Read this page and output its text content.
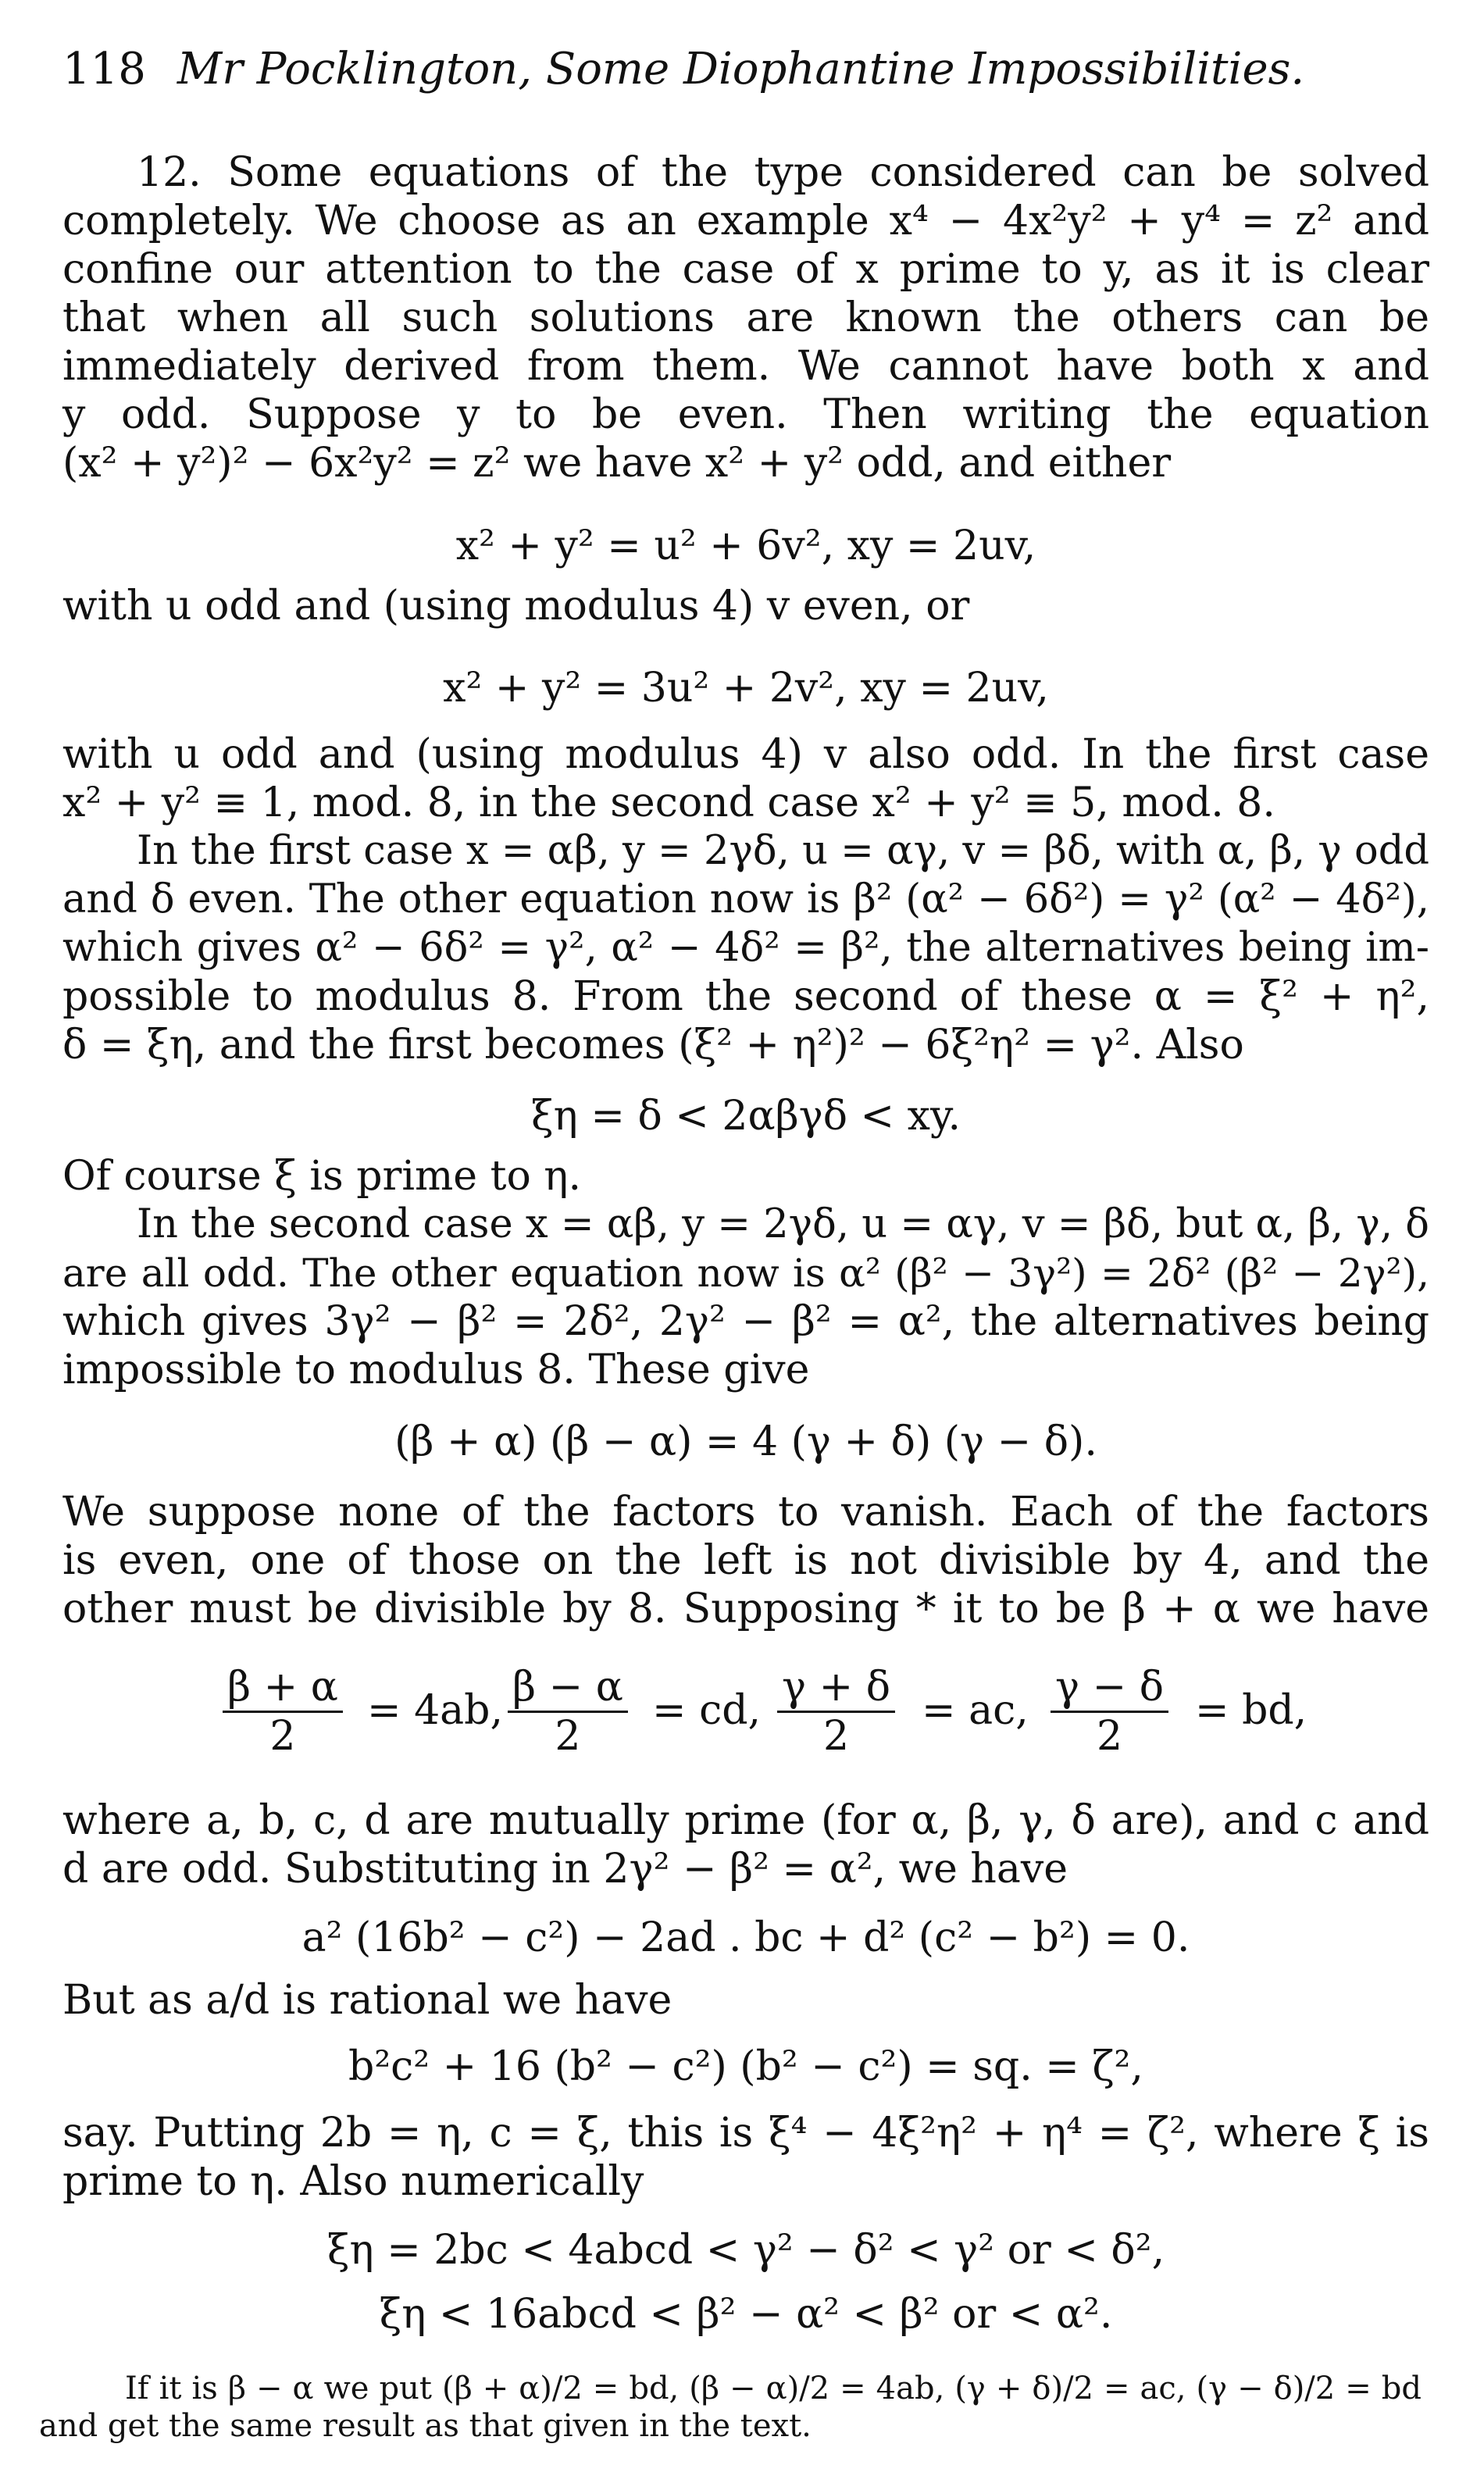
118 Mr Pocklington, Some Diophantine Impossibilities.
12. Some equations of the type considered can be solved
completely. We choose as an example x⁴ − 4x²y² + y⁴ = z² and
confine our attention to the case of x prime to y, as it is clear
that when all such solutions are known the others can be
immediately derived from them. We cannot have both x and
y odd. Suppose y to be even. Then writing the equation
(x² + y²)² − 6x²y² = z² we have x² + y² odd, and either
x² + y² = u² + 6v², xy = 2uv,
with u odd and (using modulus 4) v even, or
x² + y² = 3u² + 2v², xy = 2uv,
with u odd and (using modulus 4) v also odd. In the first case
x² + y² ≡ 1, mod. 8, in the second case x² + y² ≡ 5, mod. 8.
In the first case x = αβ, y = 2γδ, u = αγ, v = βδ, with α, β, γ odd
and δ even. The other equation now is β² (α² − 6δ²) = γ² (α² − 4δ²),
which gives α² − 6δ² = γ², α² − 4δ² = β², the alternatives being im-
possible to modulus 8. From the second of these α = ξ² + η²,
δ = ξη, and the first becomes (ξ² + η²)² − 6ξ²η² = γ². Also
ξη = δ < 2αβγδ < xy.
Of course ξ is prime to η.
In the second case x = αβ, y = 2γδ, u = αγ, v = βδ, but α, β, γ, δ
are all odd. The other equation now is α² (β² − 3γ²) = 2δ² (β² − 2γ²),
which gives 3γ² − β² = 2δ², 2γ² − β² = α², the alternatives being
impossible to modulus 8. These give
(β + α) (β − α) = 4 (γ + δ) (γ − δ).
We suppose none of the factors to vanish. Each of the factors
is even, one of those on the left is not divisible by 4, and the
other must be divisible by 8. Supposing * it to be β + α we have
$\frac{\beta + \alpha}{2} = 4ab$, $\frac{\beta - \alpha}{2}$ = cd, $\frac{\gamma + \delta}{2}$ = ac, $\frac{\gamma - \delta}{2}$ = bd,
where a, b, c, d are mutually prime (for α, β, γ, δ are), and c and
d are odd. Substituting in 2γ² − β² = α², we have
a² (16b² − c²) − 2ad . bc + d² (c² − b²) = 0.
But as a/d is rational we have
b²c² + 16 (b² − c²) (b² − c²) = sq. = ζ²,
say. Putting 2b = η, c = ξ, this is ξ⁴ − 4ξ²η² + η⁴ = ζ², where ξ is
prime to η. Also numerically
ξη = 2bc < 4abcd < γ² − δ² < γ² or < δ²,
ξη < 16abcd < β² − α² < β² or < α².
If it is β − α we put (β + α)/2 = bd, (β − α)/2 = 4ab, (γ + δ)/2 = ac, (γ − δ)/2 = bd
and get the same result as that given in the text.
